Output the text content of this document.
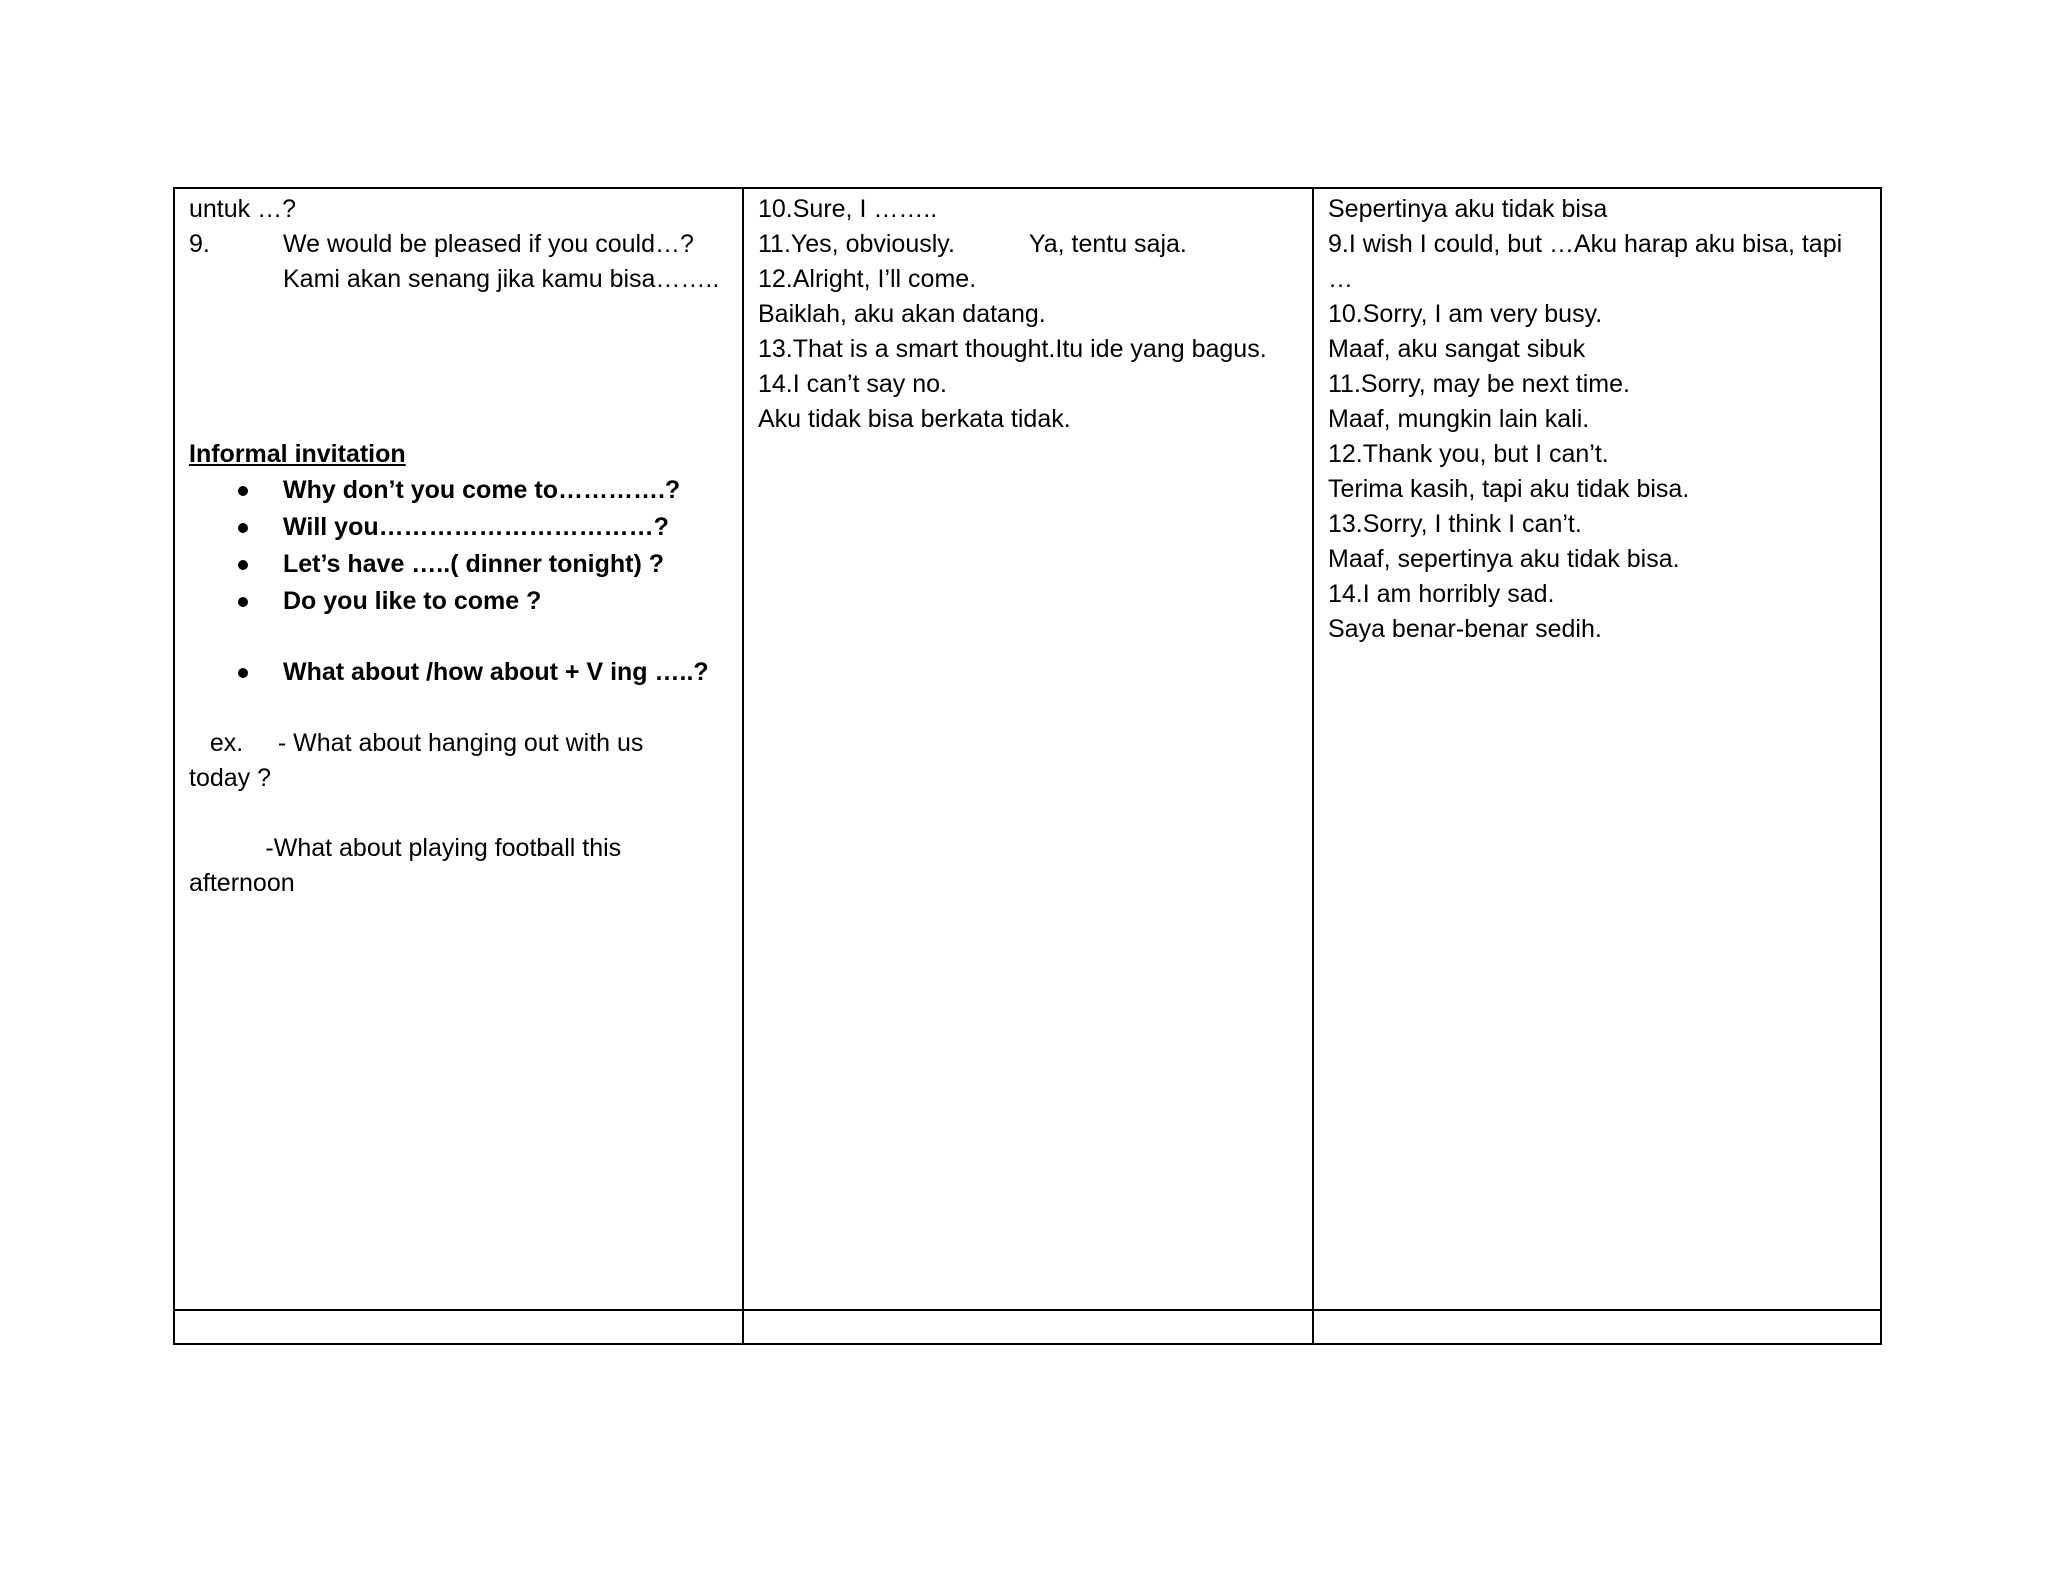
untuk …?
9.	We would be pleased if you could…?
Kami akan senang jika kamu bisa……..
Informal invitation
Why don’t you come to………….?
Will you……………………………?
Let’s have …..( dinner tonight) ?
Do you like to come ?
What about /how about + V ing …..?
ex.     - What about hanging out with us
today ?
-What about playing football this
afternoon
10.Sure, I ……..
11.Yes, obviously.	Ya, tentu saja.
12.Alright, I’ll come.
Baiklah, aku akan datang.
13.That is a smart thought.Itu ide yang bagus.
14.I can’t say no.
Aku tidak bisa berkata tidak.
Sepertinya aku tidak bisa
9.I wish I could, but …Aku harap aku bisa, tapi
…
10.Sorry, I am very busy.
Maaf, aku sangat sibuk
11.Sorry, may be next time.
Maaf, mungkin lain kali.
12.Thank you, but I can’t.
Terima kasih, tapi aku tidak bisa.
13.Sorry, I think I can’t.
Maaf, sepertinya aku tidak bisa.
14.I am horribly sad.
Saya benar-benar sedih.
